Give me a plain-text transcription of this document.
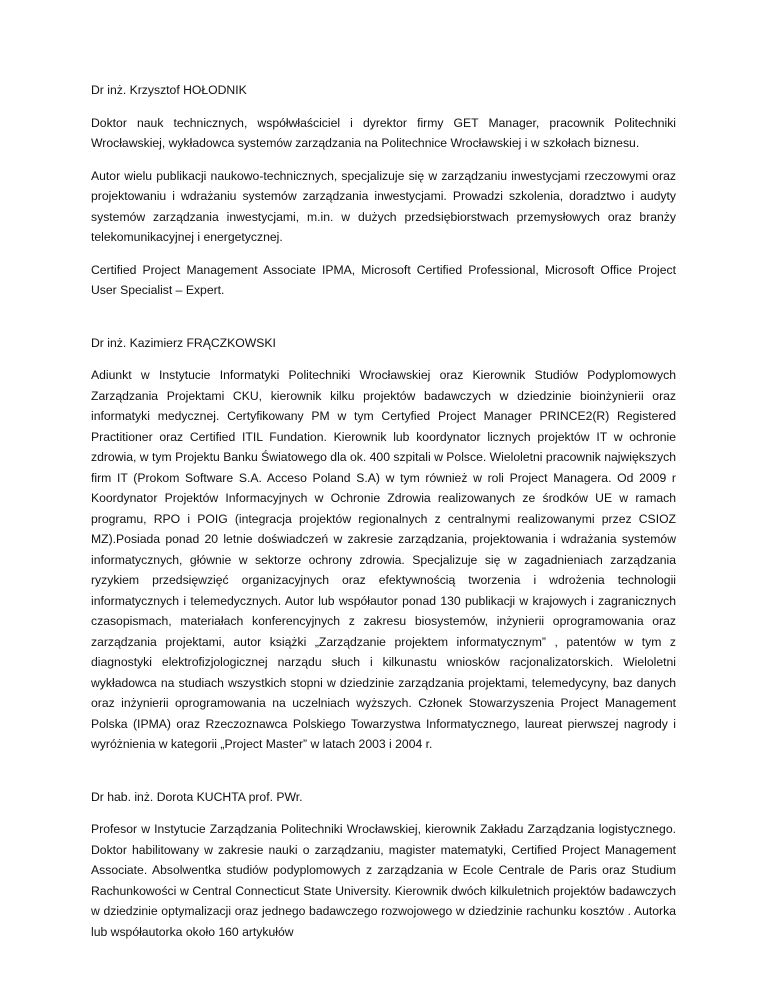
Dr inż. Krzysztof HOŁODNIK

Doktor nauk technicznych, współwłaściciel i dyrektor firmy GET Manager, pracownik Politechniki Wrocławskiej, wykładowca systemów zarządzania na Politechnice Wrocławskiej i w szkołach biznesu.

Autor wielu publikacji naukowo-technicznych, specjalizuje się w zarządzaniu inwestycjami rzeczowymi oraz projektowaniu i wdrażaniu systemów zarządzania inwestycjami. Prowadzi szkolenia, doradztwo i audyty systemów zarządzania inwestycjami, m.in. w dużych przedsiębiorstwach przemysłowych oraz branży telekomunikacyjnej i energetycznej.

Certified Project Management Associate IPMA, Microsoft Certified Professional, Microsoft Office Project User Specialist – Expert.

Dr inż. Kazimierz FRĄCZKOWSKI

Adiunkt w Instytucie Informatyki Politechniki Wrocławskiej oraz Kierownik Studiów Podyplomowych Zarządzania Projektami CKU, kierownik kilku projektów badawczych w dziedzinie bioinżynierii oraz informatyki medycznej. Certyfikowany PM w tym Certyfied Project Manager PRINCE2(R) Registered Practitioner oraz Certified ITIL Fundation. Kierownik lub koordynator licznych projektów IT w ochronie zdrowia, w tym Projektu Banku Światowego dla ok. 400 szpitali w Polsce. Wieloletni pracownik największych firm IT (Prokom Software S.A. Acceso Poland S.A) w tym również w roli Project Managera. Od 2009 r Koordynator Projektów Informacyjnych w Ochronie Zdrowia realizowanych ze środków UE w ramach programu, RPO i POIG (integracja projektów regionalnych z centralnymi realizowanymi przez CSIOZ MZ).Posiada ponad 20 letnie doświadczeń w zakresie zarządzania, projektowania i wdrażania systemów informatycznych, głównie w sektorze ochrony zdrowia. Specjalizuje się w zagadnieniach zarządzania ryzykiem przedsięwzięć organizacyjnych oraz efektywnością tworzenia i wdrożenia technologii informatycznych i telemedycznych. Autor lub współautor ponad 130 publikacji w krajowych i zagranicznych czasopismach, materiałach konferencyjnych z zakresu biosystemów, inżynierii oprogramowania oraz zarządzania projektami, autor książki „Zarządzanie projektem informatycznym” , patentów w tym z diagnostyki elektrofizjologicznej narządu słuch i kilkunastu wniosków racjonalizatorskich. Wieloletni wykładowca na studiach wszystkich stopni w dziedzinie zarządzania projektami, telemedycyny, baz danych oraz inżynierii oprogramowania na uczelniach wyższych. Członek Stowarzyszenia Project Management Polska (IPMA) oraz Rzeczoznawca Polskiego Towarzystwa Informatycznego, laureat pierwszej nagrody i wyróżnienia w kategorii „Project Master” w latach 2003 i 2004 r.

Dr hab. inż. Dorota KUCHTA prof. PWr.

Profesor w Instytucie Zarządzania Politechniki Wrocławskiej, kierownik Zakładu Zarządzania logistycznego. Doktor habilitowany w zakresie nauki o zarządzaniu, magister matematyki, Certified Project Management Associate. Absolwentka studiów podyplomowych z zarządzania w Ecole Centrale de Paris oraz Studium Rachunkowości w Central Connecticut State University. Kierownik dwóch kilkuletnich projektów badawczych w dziedzinie optymalizacji oraz jednego badawczego rozwojowego w dziedzinie rachunku kosztów . Autorka lub współautorka około 160 artykułów
